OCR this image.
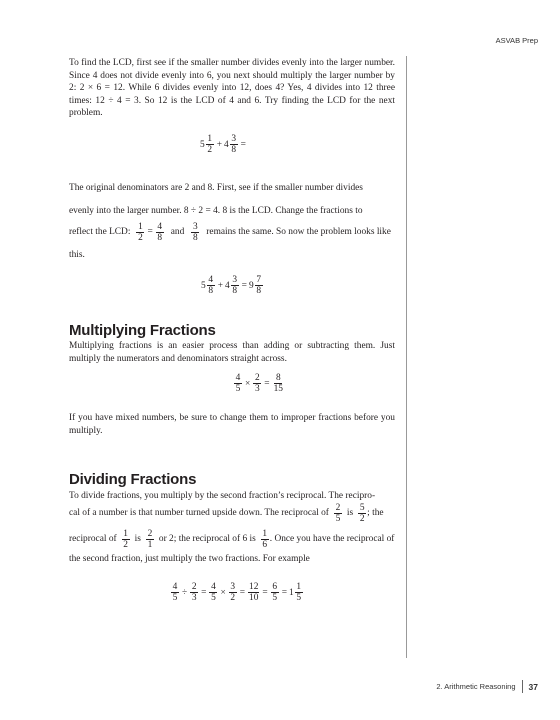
ASVAB Prep

To find the LCD, first see if the smaller number divides evenly into the larger number. Since 4 does not divide evenly into 6, you next should multiply the larger number by 2: 2 × 6 = 12. While 6 divides evenly into 12, does 4? Yes, 4 divides into 12 three times: 12 ÷ 4 = 3. So 12 is the LCD of 4 and 6. Try finding the LCD for the next problem.

$5 \frac{1}{2} + 4 \frac{3}{8}$ =
The original denominators are 2 and 8. First, see if the smaller number divides
evenly into the larger number. 8 ÷ 2 = 4. 8 is the LCD. Change the fractions to
reflect the LCD: $\frac{1}{2} = \frac{4}{8}$ and $\frac{3}{8}$ remains the same. So now the problem looks like
this.
$5 \frac{4}{8} + 4 \frac{3}{8} = 9 \frac{7}{8}$
Multiplying Fractions

Multiplying fractions is an easier process than adding or subtracting them. Just multiply the numerators and denominators straight across.

$\frac{4}{5} \times \frac{2}{3} = \frac{8}{15}$

If you have mixed numbers, be sure to change them to improper fractions before you multiply.

Dividing Fractions
To divide fractions, you multiply by the second fraction’s reciprocal. The recipro-
cal of a number is that number turned upside down. The reciprocal of $\frac{2}{5}$ is $\frac{5}{2}$ ; the
reciprocal of $\frac{1}{2}$ is $\frac{2}{1}$ or 2; the reciprocal of 6 is $\frac{1}{6}$ . Once you have the reciprocal of
the second fraction, just multiply the two fractions. For example
$\frac{4}{5} \div \frac{2}{3} = \frac{4}{5} \times \frac{3}{2} = \frac{12}{10} = \frac{6}{5} = 1 \frac{1}{5}$
2. Arithmetic Reasoning 37
